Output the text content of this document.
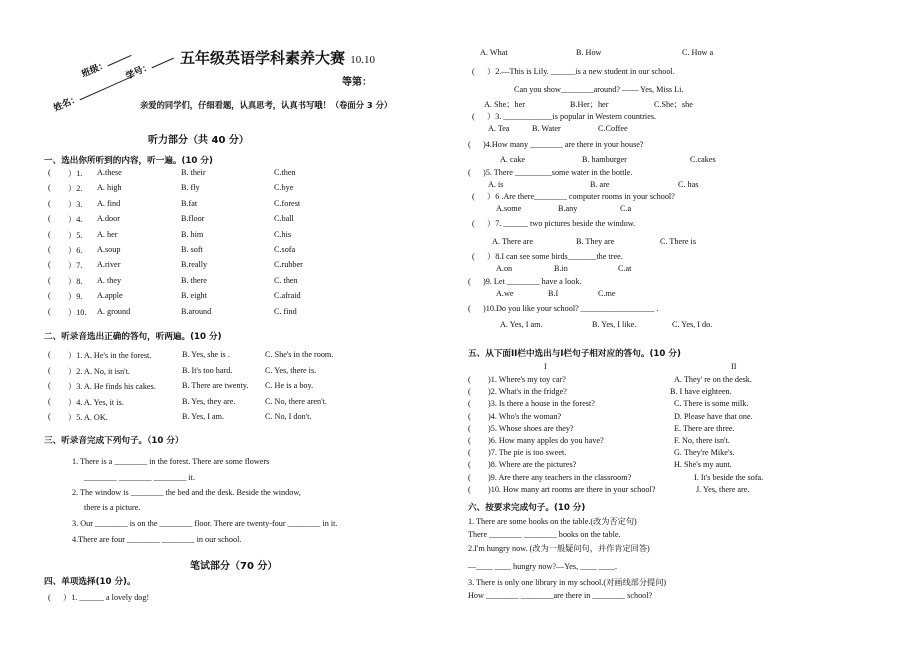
班级：	学号：
姓名：
五年级英语学科素养大赛 10.10
等第：
亲爱的同学们，仔细看题，认真思考，认真书写哦！（卷面分 3 分）
听力部分（共 40 分）
一、选出你所听到的内容，听一遍。(10 分)
( ）1. A.these	B. their	C.then
( ）2. A. high	B. fly	C.bye
( ）3. A. find	B.fat	C.forest
( ）4. A.door	B.floor	C.ball
( ）5. A. her	B. him	C.his
( ）6. A.soup	B. soft	C.sofa
( ）7. A.river	B.really	C.rubber
( ）8. A. they	B. there	C. then
( ）9. A.apple	B. eight	C.afraid
( ）10. A. ground	B.around	C. find
二、听录音选出正确的答句，听两遍。(10 分)
( ）1. A. He's in the forest.	B. Yes, she is .	C. She's in the room.
( ）2. A. No, it isn't.	B. It's too hard.	C. Yes, there is.
( ）3. A. He finds his cakes.	B. There are twenty. C. He is a boy.
( ）4. A. Yes, it is.	B. Yes, they are.	C. No, there aren't.
( ）5. A. OK.	B. Yes, I am.	C. No, I don't.
三、听录音完成下列句子。（10 分）
1. There is a ________ in the forest. There are some flowers
________ ________ ________ it.
2. The window is ________ the bed and the desk. Beside the window,
there is a picture.
3. Our ________ is on the ________ floor. There are twenty-four ________ in it.
4.There are four ________ ________ in our school.
笔试部分（70 分）
四、单项选择(10 分)。
(      ）1. ______ a lovely dog!
A. What	B. How	C. How a
(      ）2.—This is Lily. ______is a new student in our school.
Can you show________around? —— Yes, Miss Li.
A. She；her	B.Her；her	C.She；she
(      ）3. ____________is popular in Western countries.
A. Tea	B. Water	C.Coffee
(      )4.How many ________ are there in your house?
A. cake	B. hamburger	C.cakes
(      )5. There _________some water in the bottle.
A. is	B. are	C. has
(      ）6 .Are there________ computer rooms in your school?
A.some	B.any	C.a
(      ）7. ______ two pictures beside the window.
A. There are	B. They are	C. There is
(      ）8.I can see some birds_______the tree.
A.on	B.in	C.at
(      )9. Let ________ have a look.
A.we	B.I	C.me
(      )10.Do you like your school? __________________ .
A. Yes, I am.	B. Yes, I like.	C. Yes, I do.
五、从下面II栏中选出与I栏句子相对应的答句。(10 分)
I	II
( )1. Where's my toy car?	A. They' re on the desk.
( )2. What's in the fridge?	B. I have eighteen.
( )3. Is there a house in the forest?	C. There is some milk.
( )4. Who's the woman?	D. Please have that one.
( )5. Whose shoes are they?	E. There are three.
( )6. How many apples do you have?	F. No, there isn't.
( )7. The pie is too sweet.	G. They're Mike's.
( )8. Where are the pictures?	H. She's my aunt.
( )9. Are there any teachers in the classroom?	I. It's beside the sofa.
( )10. How many art rooms are there in your school?	J. Yes, there are.
六、按要求完成句子。(10 分)
1. There are some books on the table.(改为否定句)
There ________ ________ books on the table.
2.I'm hungry now. (改为一般疑问句，并作肯定回答)
—____ ____ hungry now?—Yes, ____ ____.
3. There is only one library in my school.(对画线部分提问)
How ________ ________are there in ________ school?
